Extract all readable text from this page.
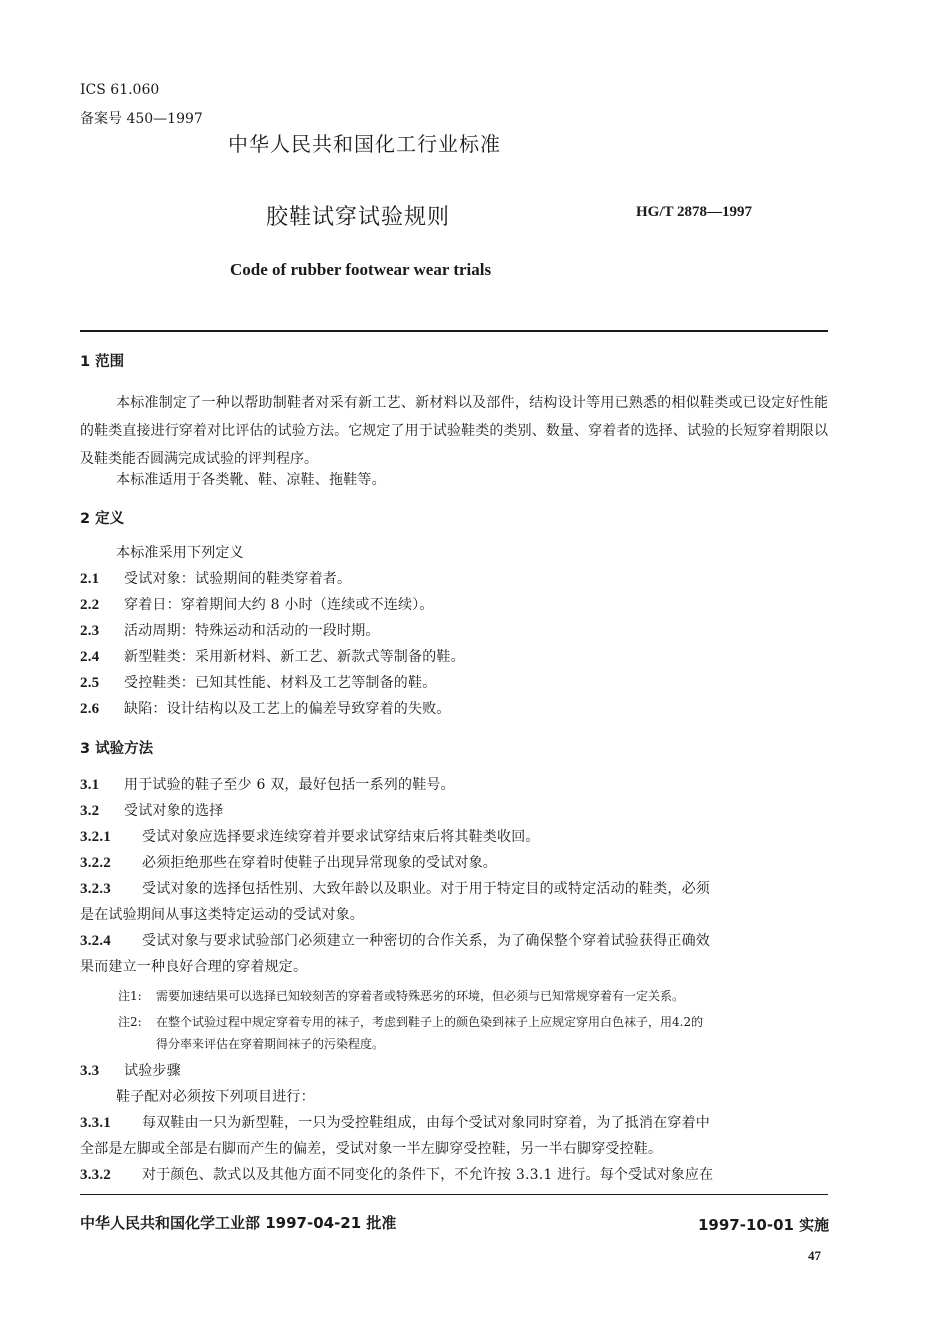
ICS 61.060
备案号 450—1997
中华人民共和国化工行业标准
胶鞋试穿试验规则	HG/T 2878—1997
Code of rubber footwear wear trials
1 范围
本标准制定了一种以帮助制鞋者对采有新工艺、新材料以及部件，结构设计等用已熟悉的相似鞋类或已设定好性能的鞋类直接进行穿着对比评估的试验方法。它规定了用于试验鞋类的类别、数量、穿着者的选择、试验的长短穿着期限以及鞋类能否圆满完成试验的评判程序。
本标准适用于各类靴、鞋、凉鞋、拖鞋等。
2 定义
本标准采用下列定义
2.1 受试对象：试验期间的鞋类穿着者。
2.2 穿着日：穿着期间大约 8 小时（连续或不连续）。
2.3 活动周期：特殊运动和活动的一段时期。
2.4 新型鞋类：采用新材料、新工艺、新款式等制备的鞋。
2.5 受控鞋类：已知其性能、材料及工艺等制备的鞋。
2.6 缺陷：设计结构以及工艺上的偏差导致穿着的失败。
3 试验方法
3.1 用于试验的鞋子至少 6 双，最好包括一系列的鞋号。
3.2 受试对象的选择
3.2.1 受试对象应选择要求连续穿着并要求试穿结束后将其鞋类收回。
3.2.2 必须拒绝那些在穿着时使鞋子出现异常现象的受试对象。
3.2.3 受试对象的选择包括性别、大致年龄以及职业。对于用于特定目的或特定活动的鞋类，必须
是在试验期间从事这类特定运动的受试对象。
3.2.4 受试对象与要求试验部门必须建立一种密切的合作关系，为了确保整个穿着试验获得正确效
果而建立一种良好合理的穿着规定。
注1: 需要加速结果可以选择已知较刻苦的穿着者或特殊恶劣的环境，但必须与已知常规穿着有一定关系。
注2: 在整个试验过程中规定穿着专用的袜子，考虑到鞋子上的颜色染到袜子上应规定穿用白色袜子，用4.2的
得分率来评估在穿着期间袜子的污染程度。
3.3 试验步骤
鞋子配对必须按下列项目进行：
3.3.1 每双鞋由一只为新型鞋，一只为受控鞋组成，由每个受试对象同时穿着，为了抵消在穿着中
全部是左脚或全部是右脚而产生的偏差，受试对象一半左脚穿受控鞋，另一半右脚穿受控鞋。
3.3.2 对于颜色、款式以及其他方面不同变化的条件下，不允许按 3.3.1 进行。每个受试对象应在
中华人民共和国化学工业部 1997-04-21 批准	1997-10-01 实施
47
